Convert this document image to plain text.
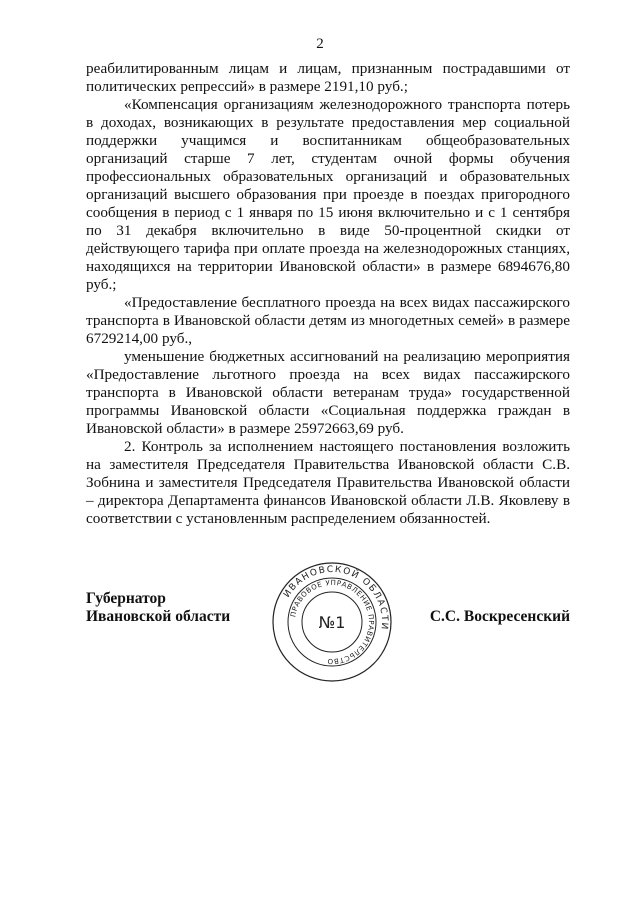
2

реабилитированным лицам и лицам, признанным пострадавшими от политических репрессий» в размере 2191,10 руб.;

«Компенсация организациям железнодорожного транспорта потерь в доходах, возникающих в результате предоставления мер социальной поддержки учащимся и воспитанникам общеобразовательных организаций старше 7 лет, студентам очной формы обучения профессиональных образовательных организаций и образовательных организаций высшего образования при проезде в поездах пригородного сообщения в период с 1 января по 15 июня включительно и с 1 сентября по 31 декабря включительно в виде 50-процентной скидки от действующего тарифа при оплате проезда на железнодорожных станциях, находящихся на территории Ивановской области» в размере 6894676,80 руб.;

«Предоставление бесплатного проезда на всех видах пассажирского транспорта в Ивановской области детям из многодетных семей» в размере 6729214,00 руб.,

уменьшение бюджетных ассигнований на реализацию мероприятия «Предоставление льготного проезда на всех видах пассажирского транспорта в Ивановской области ветеранам труда» государственной программы Ивановской области «Социальная поддержка граждан в Ивановской области» в размере 25972663,69 руб.

2. Контроль за исполнением настоящего постановления возложить на заместителя Председателя Правительства Ивановской области С.В. Зобнина и заместителя Председателя Правительства Ивановской области – директора Департамента финансов Ивановской области Л.В. Яковлеву в соответствии с установленным распределением обязанностей.

Губернатор
Ивановской области
ИВАНОВСКОЙ ОБЛАСТИ
ПРАВОВОЕ УПРАВЛЕНИЕ ПРАВИТЕЛЬСТВО
№1	С.С. Воскресенский
